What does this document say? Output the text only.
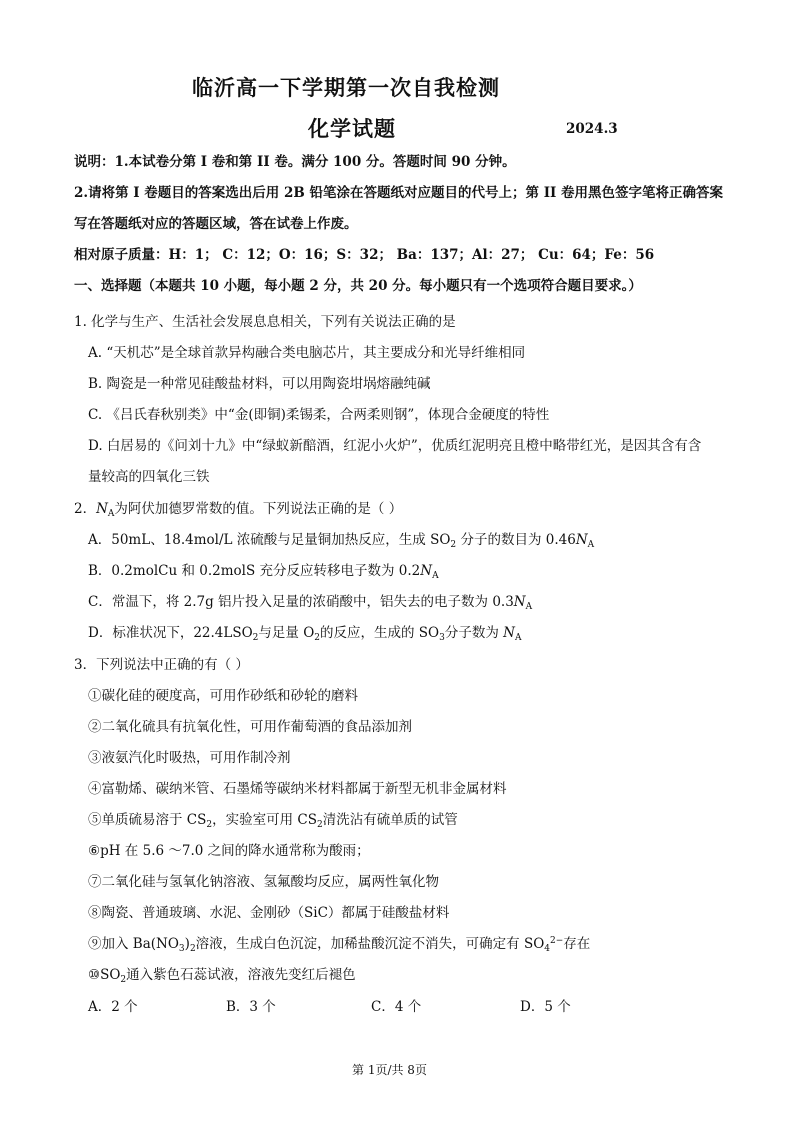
临沂高一下学期第一次自我检测
化学试题	2024.3
说明：1.本试卷分第 I 卷和第 II 卷。满分 100 分。答题时间 90 分钟。
2.请将第 I 卷题目的答案选出后用 2B 铅笔涂在答题纸对应题目的代号上；第 II 卷用黑色签字笔将正确答案
写在答题纸对应的答题区域，答在试卷上作废。
相对原子质量：H：1； C：12；O：16；S：32； Ba：137；Al：27； Cu：64；Fe：56
一、选择题（本题共 10 小题，每小题 2 分，共 20 分。每小题只有一个选项符合题目要求。）
1. 化学与生产、生活社会发展息息相关，下列有关说法正确的是
A. “天机芯”是全球首款异构融合类电脑芯片，其主要成分和光导纤维相同
B. 陶瓷是一种常见硅酸盐材料，可以用陶瓷坩埚熔融纯碱
C. 《吕氏春秋别类》中“金(即铜)柔锡柔，合两柔则钢”，体现合金硬度的特性
D. 白居易的《问刘十九》中“绿蚁新醅酒，红泥小火炉”，优质红泥明亮且橙中略带红光，是因其含有含
量较高的四氧化三铁
2．$N_A$为阿伏加德罗常数的值。下列说法正确的是（ ）
A．50mL、18.4mol/L 浓硫酸与足量铜加热反应，生成 $SO_2$ 分子的数目为 $0.46N_A$
B．0.2molCu 和 0.2molS 充分反应转移电子数为 $0.2N_A$
C．常温下，将 2.7g 铝片投入足量的浓硝酸中，铝失去的电子数为 $0.3N_A$
D．标准状况下，$22.4LSO_2$与足量 $O_2$的反应，生成的 $SO_3$分子数为 $N_A$
3．下列说法中正确的有（ ）
①碳化硅的硬度高，可用作砂纸和砂轮的磨料
②二氧化硫具有抗氧化性，可用作葡萄酒的食品添加剂
③液氨汽化时吸热，可用作制冷剂
④富勒烯、碳纳米管、石墨烯等碳纳米材料都属于新型无机非金属材料
⑤单质硫易溶于 $CS_2$，实验室可用 $CS_2$清洗沾有硫单质的试管
⑥pH 在 5.6 ～7.0 之间的降水通常称为酸雨；
⑦二氧化硅与氢氧化钠溶液、氢氟酸均反应，属两性氧化物
⑧陶瓷、普通玻璃、水泥、金刚砂（SiC）都属于硅酸盐材料
⑨加入 $Ba(NO_3)_2$溶液，生成白色沉淀，加稀盐酸沉淀不消失，可确定有 $SO_4^{2-}$存在
$⑩SO_2$通入紫色石蕊试液，溶液先变红后褪色
A．2 个	B．3 个	C．4 个	D．5 个
第 1页/共 8页
